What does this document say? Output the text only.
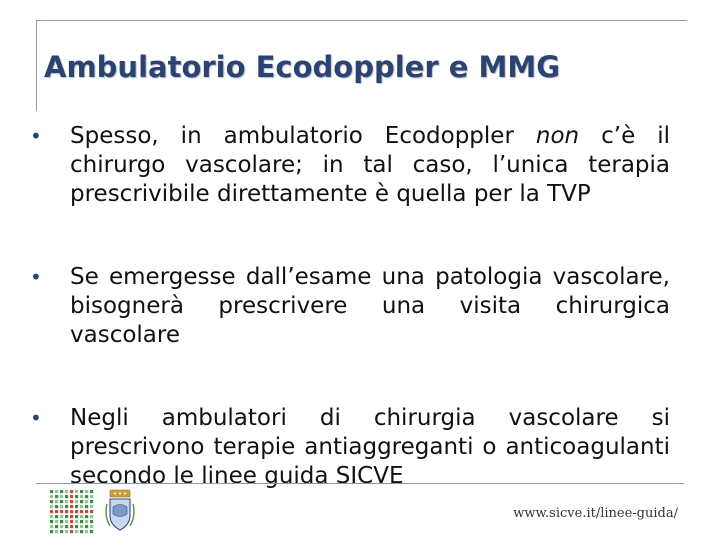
Ambulatorio Ecodoppler e MMG
•	Spesso, in ambulatorio Ecodoppler non c’è il chirurgo vascolare; in tal caso, l’unica terapia prescrivibile direttamente è quella per la TVP
•	Se emergesse dall’esame una patologia vascolare, bisognerà prescrivere una visita chirurgica vascolare
•	Negli ambulatori di chirurgia vascolare si prescrivono terapie antiaggreganti o anticoagulanti secondo le linee guida SICVE
www.sicve.it/linee-guida/
